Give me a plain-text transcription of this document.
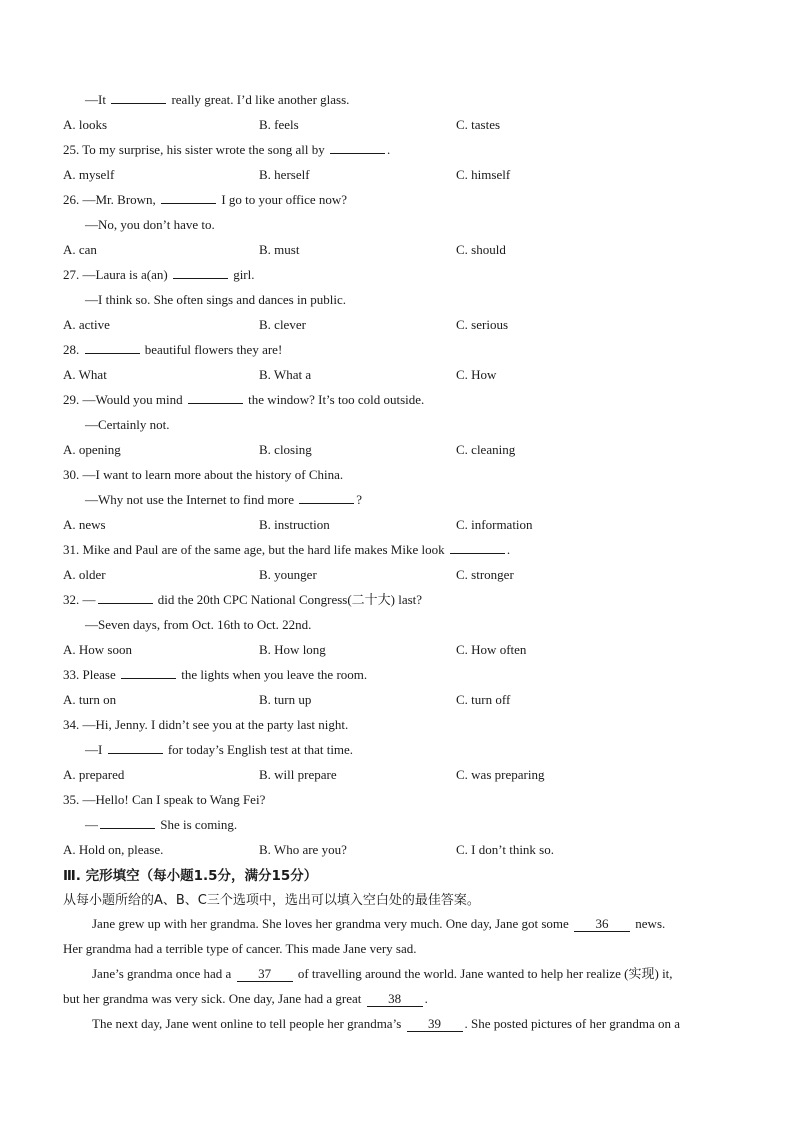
—It	really great. I’d like another glass.
A. looks	B. feels	C. tastes
25. To my surprise, his sister wrote the song all by	.
A. myself	B. herself	C. himself
26. —Mr. Brown,	I go to your office now?
—No, you don’t have to.
A. can	B. must	C. should
27. —Laura is a(an)	girl.
—I think so. She often sings and dances in public.
A. active	B. clever	C. serious
28.	beautiful flowers they are!
A. What	B. What a	C. How
29. —Would you mind	the window? It’s too cold outside.
—Certainly not.
A. opening	B. closing	C. cleaning
30. —I want to learn more about the history of China.
—Why not use the Internet to find more	?
A. news	B. instruction	C. information
31. Mike and Paul are of the same age, but the hard life makes Mike look	.
A. older	B. younger	C. stronger
32. —	did the 20th CPC National Congress(二十大) last?
—Seven days, from Oct. 16th to Oct. 22nd.
A. How soon	B. How long	C. How often
33. Please	the lights when you leave the room.
A. turn on	B. turn up	C. turn off
34. —Hi, Jenny. I didn’t see you at the party last night.
—I	for today’s English test at that time.
A. prepared	B. will prepare	C. was preparing
35. —Hello! Can I speak to Wang Fei?
—	She is coming.
A. Hold on, please.	B. Who are you?	C. I don’t think so.
Ⅲ. 完形填空（每小题1.5分，满分15分）
从每小题所给的A、B、C三个选项中，选出可以填入空白处的最佳答案。
Jane grew up with her grandma. She loves her grandma very much. One day, Jane got some 36 news.
Her grandma had a terrible type of cancer. This made Jane very sad.
Jane’s grandma once had a 37 of travelling around the world. Jane wanted to help her realize (实现) it,
but her grandma was very sick. One day, Jane had a great 38 .
The next day, Jane went online to tell people her grandma’s 39 . She posted pictures of her grandma on a
